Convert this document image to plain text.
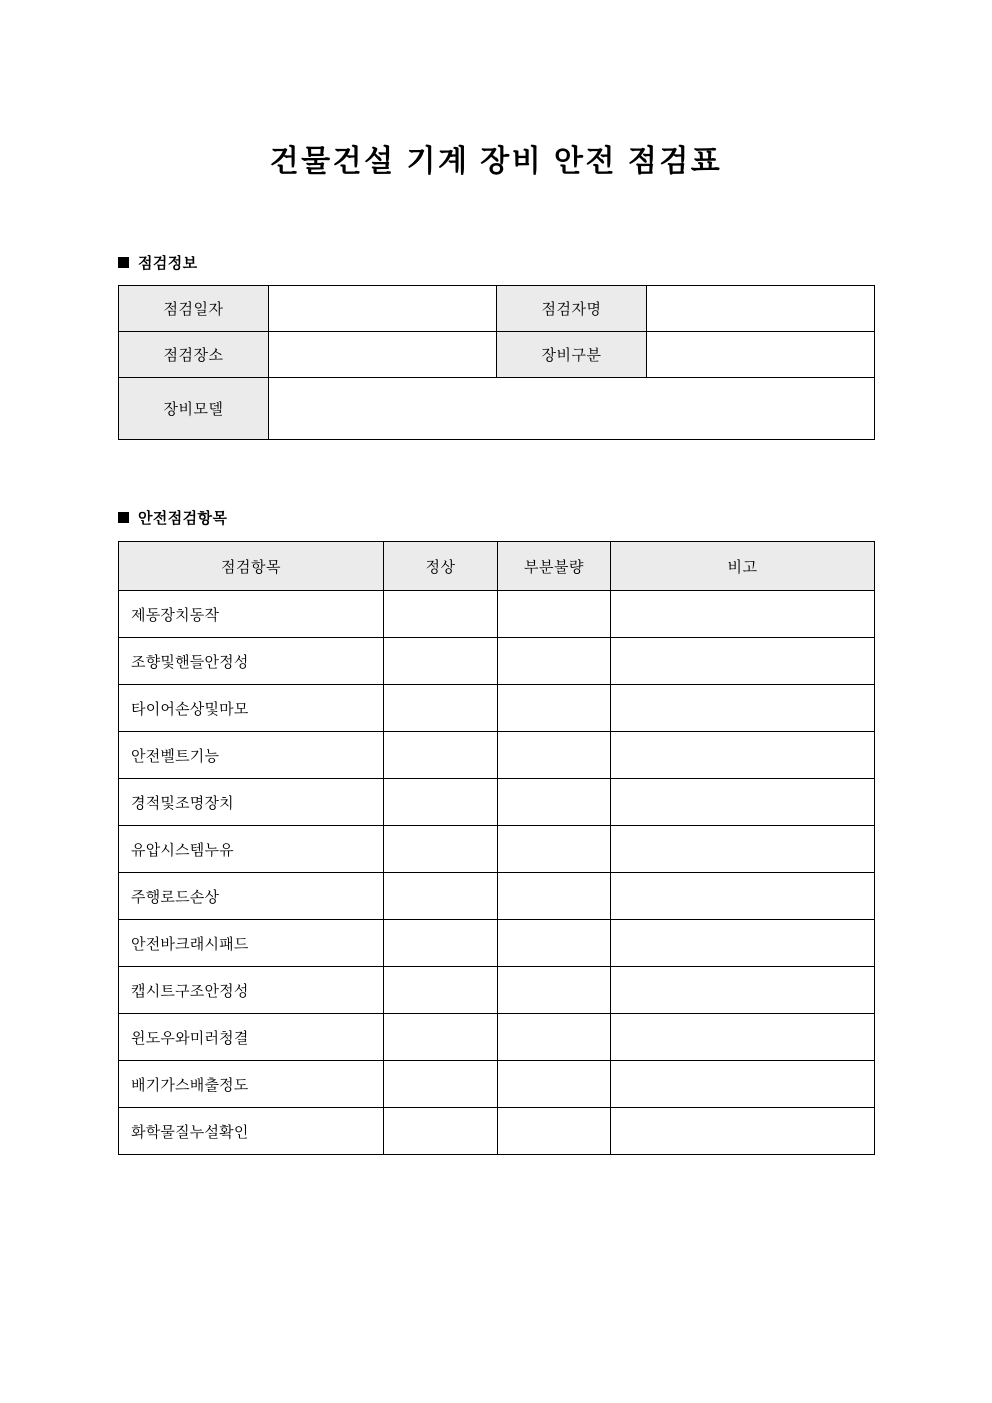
건물건설 기계 장비 안전 점검표
점검정보
점검일자		점검자명	
점검장소		장비구분	
장비모델			
안전점검항목
점검항목	정상	부분불량	비고
제동장치동작			
조향및핸들안정성			
타이어손상및마모			
안전벨트기능			
경적및조명장치			
유압시스템누유			
주행로드손상			
안전바크래시패드			
캡시트구조안정성			
윈도우와미러청결			
배기가스배출정도			
화학물질누설확인			
